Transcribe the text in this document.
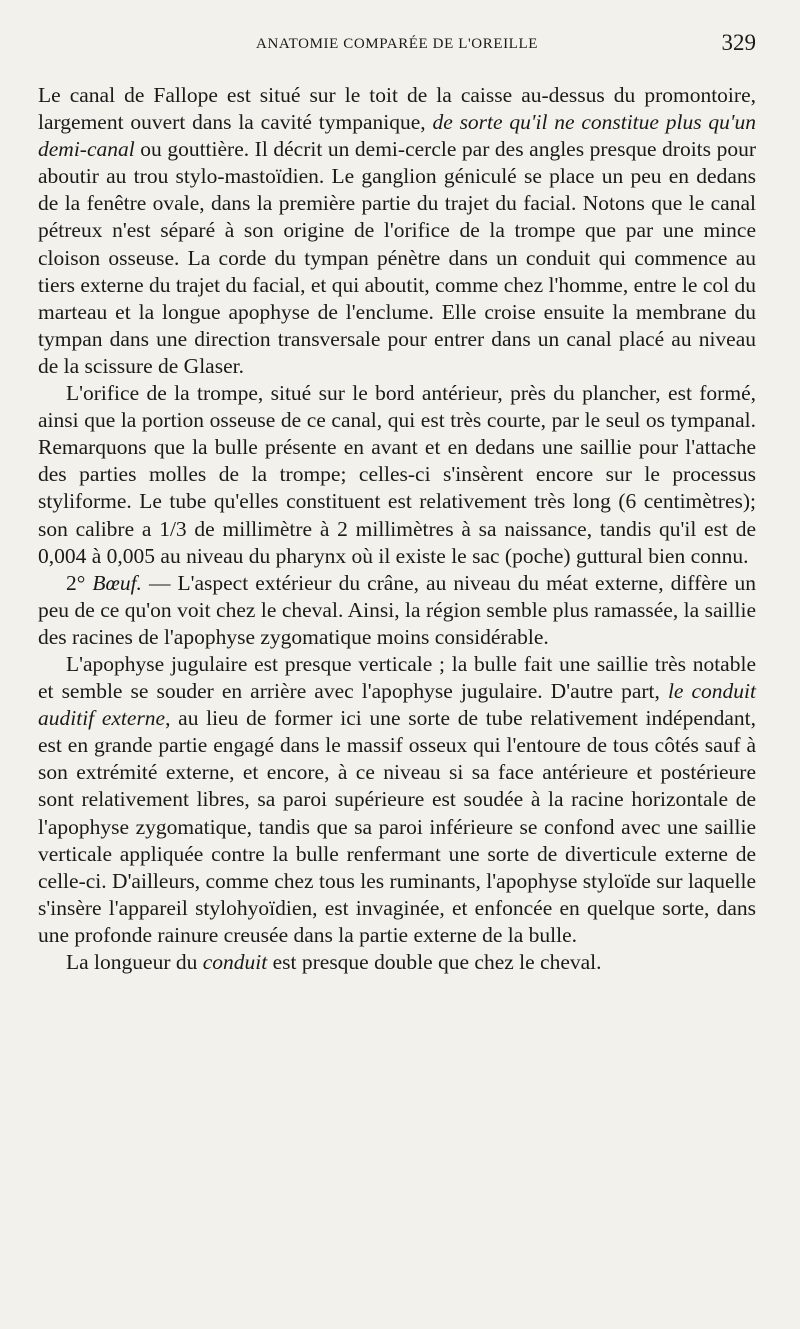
ANATOMIE COMPARÉE DE L'OREILLE	329

Le canal de Fallope est situé sur le toit de la caisse au-dessus du promontoire, largement ouvert dans la cavité tympanique, de sorte qu'il ne constitue plus qu'un demi-canal ou gouttière. Il décrit un demi-cercle par des angles presque droits pour aboutir au trou stylo-mastoïdien. Le ganglion géniculé se place un peu en dedans de la fenêtre ovale, dans la première partie du trajet du facial. Notons que le canal pétreux n'est séparé à son origine de l'orifice de la trompe que par une mince cloison osseuse. La corde du tympan pénètre dans un conduit qui commence au tiers externe du trajet du facial, et qui aboutit, comme chez l'homme, entre le col du marteau et la longue apophyse de l'enclume. Elle croise ensuite la membrane du tympan dans une direction transversale pour entrer dans un canal placé au niveau de la scissure de Glaser.

L'orifice de la trompe, situé sur le bord antérieur, près du plancher, est formé, ainsi que la portion osseuse de ce canal, qui est très courte, par le seul os tympanal. Remarquons que la bulle présente en avant et en dedans une saillie pour l'attache des parties molles de la trompe; celles-ci s'insèrent encore sur le processus styliforme. Le tube qu'elles constituent est relativement très long (6 centimètres); son calibre a 1/3 de millimètre à 2 millimètres à sa naissance, tandis qu'il est de 0,004 à 0,005 au niveau du pharynx où il existe le sac (poche) guttural bien connu.

2° Bœuf. — L'aspect extérieur du crâne, au niveau du méat externe, diffère un peu de ce qu'on voit chez le cheval. Ainsi, la région semble plus ramassée, la saillie des racines de l'apophyse zygomatique moins considérable.

L'apophyse jugulaire est presque verticale ; la bulle fait une saillie très notable et semble se souder en arrière avec l'apophyse jugulaire. D'autre part, le conduit auditif externe, au lieu de former ici une sorte de tube relativement indépendant, est en grande partie engagé dans le massif osseux qui l'entoure de tous côtés sauf à son extrémité externe, et encore, à ce niveau si sa face antérieure et postérieure sont relativement libres, sa paroi supérieure est soudée à la racine horizontale de l'apophyse zygomatique, tandis que sa paroi inférieure se confond avec une saillie verticale appliquée contre la bulle renfermant une sorte de diverticule externe de celle-ci. D'ailleurs, comme chez tous les ruminants, l'apophyse styloïde sur laquelle s'insère l'appareil stylohyoïdien, est invaginée, et enfoncée en quelque sorte, dans une profonde rainure creusée dans la partie externe de la bulle.

La longueur du conduit est presque double que chez le cheval.
